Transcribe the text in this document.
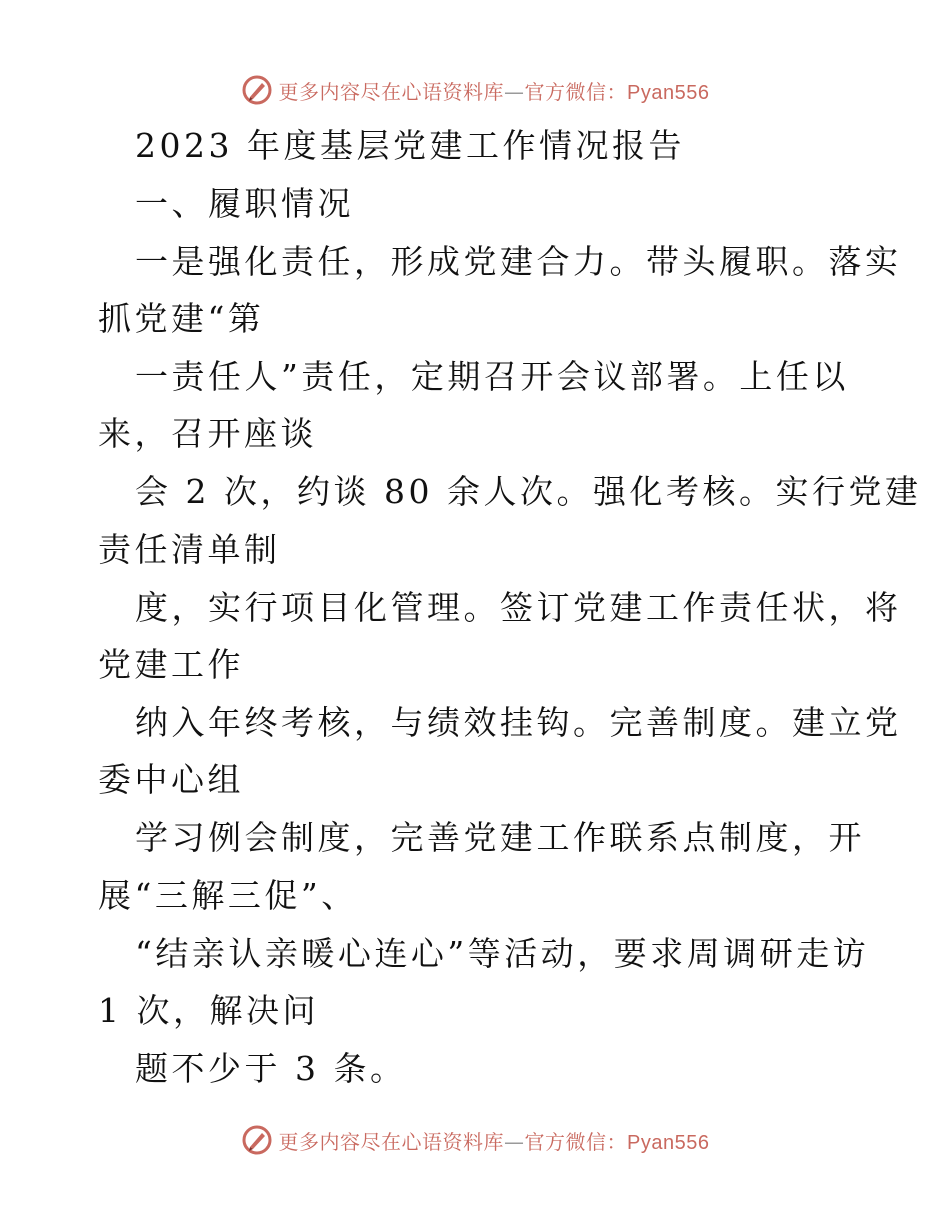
更多内容尽在心语资料库—官方微信：Pyan556
2023 年度基层党建工作情况报告
一、履职情况
一是强化责任，形成党建合力。带头履职。落实
抓党建“第
一责任人”责任，定期召开会议部署。上任以
来，召开座谈
会 2 次，约谈 80 余人次。强化考核。实行党建
责任清单制
度，实行项目化管理。签订党建工作责任状，将
党建工作
纳入年终考核，与绩效挂钩。完善制度。建立党
委中心组
学习例会制度，完善党建工作联系点制度，开
展“三解三促”、
“结亲认亲暖心连心”等活动，要求周调研走访
1 次，解决问
题不少于 3 条。
更多内容尽在心语资料库—官方微信：Pyan556
